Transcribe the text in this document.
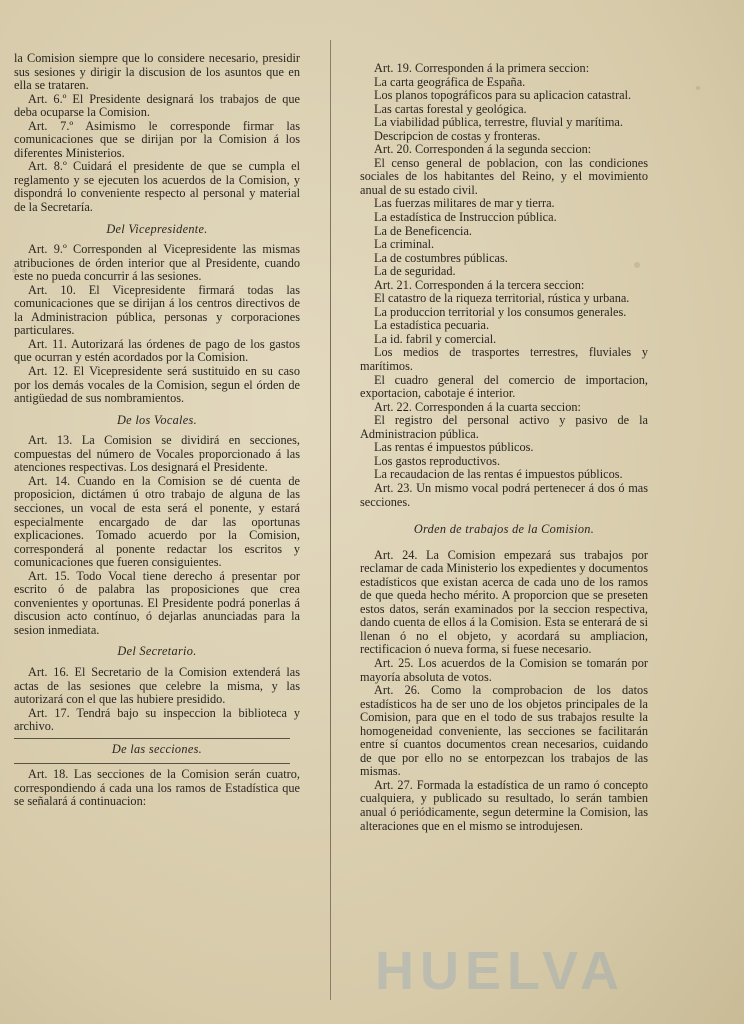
la Comision siempre que lo considere necesario, presidir sus sesiones y dirigir la discusion de los asuntos que en ella se trataren.

Art. 6.º El Presidente designará los trabajos de que deba ocuparse la Comision.

Art. 7.º Asimismo le corresponde firmar las comunicaciones que se dirijan por la Comision á los diferentes Ministerios.

Art. 8.º Cuidará el presidente de que se cumpla el reglamento y se ejecuten los acuerdos de la Comision, y dispondrá lo conveniente respecto al personal y material de la Secretaría.

Del Vicepresidente.

Art. 9.º Corresponden al Vicepresidente las mismas atribuciones de órden interior que al Presidente, cuando este no pueda concurrir á las sesiones.

Art. 10. El Vicepresidente firmará todas las comunicaciones que se dirijan á los centros directivos de la Administracion pública, personas y corporaciones particulares.

Art. 11. Autorizará las órdenes de pago de los gastos que ocurran y estén acordados por la Comision.

Art. 12. El Vicepresidente será sustituido en su caso por los demás vocales de la Comision, segun el órden de antigüedad de sus nombramientos.

De los Vocales.

Art. 13. La Comision se dividirá en secciones, compuestas del número de Vocales proporcionado á las atenciones respectivas. Los designará el Presidente.

Art. 14. Cuando en la Comision se dé cuenta de proposicion, dictámen ú otro trabajo de alguna de las secciones, un vocal de esta será el ponente, y estará especialmente encargado de dar las oportunas explicaciones. Tomado acuerdo por la Comision, corresponderá al ponente redactar los escritos y comunicaciones que fueren consiguientes.

Art. 15. Todo Vocal tiene derecho á presentar por escrito ó de palabra las proposiciones que crea convenientes y oportunas. El Presidente podrá ponerlas á discusion acto contínuo, ó dejarlas anunciadas para la sesion inmediata.

Del Secretario.

Art. 16. El Secretario de la Comision extenderá las actas de las sesiones que celebre la misma, y las autorizará con el que las hubiere presidido.

Art. 17. Tendrá bajo su inspeccion la biblioteca y archivo.

De las secciones.

Art. 18. Las secciones de la Comision serán cuatro, correspondiendo á cada una los ramos de Estadística que se señalará á continuacion:

Art. 19. Corresponden á la primera seccion:

La carta geográfica de España.

Los planos topográficos para su aplicacion catastral.

Las cartas forestal y geológica.

La viabilidad pública, terrestre, fluvial y marítima.

Descripcion de costas y fronteras.

Art. 20. Corresponden á la segunda seccion:

El censo general de poblacion, con las condiciones sociales de los habitantes del Reino, y el movimiento anual de su estado civil.

Las fuerzas militares de mar y tierra.

La estadística de Instruccion pública.

La de Beneficencia.

La criminal.

La de costumbres públicas.

La de seguridad.

Art. 21. Corresponden á la tercera seccion:

El catastro de la riqueza territorial, rústica y urbana.

La produccion territorial y los consumos generales.

La estadística pecuaria.

La id. fabril y comercial.

Los medios de trasportes terrestres, fluviales y marítimos.

El cuadro general del comercio de importacion, exportacion, cabotaje é interior.

Art. 22. Corresponden á la cuarta seccion:

El registro del personal activo y pasivo de la Administracion pública.

Las rentas é impuestos públicos.

Los gastos reproductivos.

La recaudacion de las rentas é impuestos públicos.

Art. 23. Un mismo vocal podrá pertenecer á dos ó mas secciones.

Orden de trabajos de la Comision.

Art. 24. La Comision empezará sus trabajos por reclamar de cada Ministerio los expedientes y documentos estadísticos que existan acerca de cada uno de los ramos de que queda hecho mérito. A proporcion que se preseten estos datos, serán examinados por la seccion respectiva, dando cuenta de ellos á la Comision. Esta se enterará de si llenan ó no el objeto, y acordará su ampliacion, rectificacion ó nueva forma, si fuese necesario.

Art. 25. Los acuerdos de la Comision se tomarán por mayoría absoluta de votos.

Art. 26. Como la comprobacion de los datos estadísticos ha de ser uno de los objetos principales de la Comision, para que en el todo de sus trabajos resulte la homogeneidad conveniente, las secciones se facilitarán entre sí cuantos documentos crean necesarios, cuidando de que por ello no se entorpezcan los trabajos de las mismas.

Art. 27. Formada la estadística de un ramo ó concepto cualquiera, y publicado su resultado, lo serán tambien anual ó periódicamente, segun determine la Comision, las alteraciones que en el mismo se introdujesen.

HUELVA
